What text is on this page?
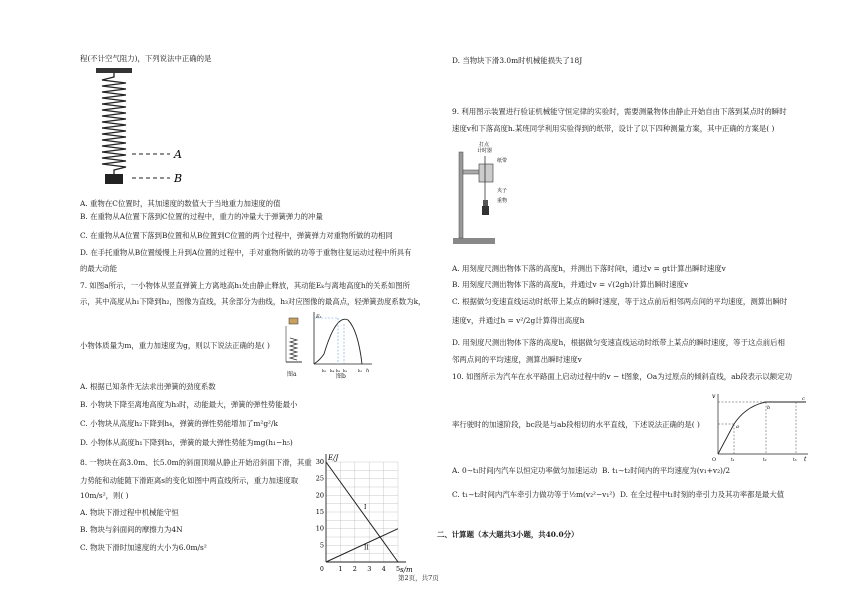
程(不计空气阻力)，下列说法中正确的是
A
B
A. 重物在C位置时，其加速度的数值大于当地重力加速度的值
B. 在重物从A位置下落到C位置的过程中，重力的冲量大于弹簧弹力的冲量
C. 在重物从A位置下落到B位置和从B位置到C位置的两个过程中，弹簧弹力对重物所做的功相同
D. 在手托重物从B位置缓慢上升到A位置的过程中，手对重物所做的功等于重物往复运动过程中所具有
的最大动能
7. 如图a所示，一小物体从竖直弹簧上方离地高h₁处由静止释放，其动能Eₖ与离地高度h的关系如图所
示，其中高度从h₁下降到h₂，图像为直线，其余部分为曲线，h₃对应图像的最高点，轻弹簧劲度系数为k，
小物体质量为m，重力加速度为g，则以下说法正确的是( )
图a
Eₖ
h
h₅ h₄ h₃ h₂	h₁
图b
A. 根据已知条件无法求出弹簧的劲度系数
B. 小物块下降至离地高度为h₃时，动能最大，弹簧的弹性势能最小
C. 小物块从高度h₂下降到h₄，弹簧的弹性势能增加了m²g²/k
D. 小物体从高度h₁下降到h₅，弹簧的最大弹性势能为mg(h₁−h₅)
8. 一物块在高3.0m、长5.0m的斜面顶端从静止开始沿斜面下滑，其重
力势能和动能随下滑距离s的变化如图中两直线所示，重力加速度取
10m/s²，则( )
A. 物块下滑过程中机械能守恒
B. 物块与斜面间的摩擦力为4N
C. 物块下滑时加速度的大小为6.0m/s²
E/J
s/m
0
I
II
1 2 3 4 5
5
10
15
20
25
30
D. 当物块下滑3.0m时机械能损失了18J
9. 利用图示装置进行验证机械能守恒定律的实验时，需要测量物体由静止开始自由下落到某点时的瞬时
速度v和下落高度h.某班同学利用实验得到的纸带，设计了以下四种测量方案，其中正确的方案是( )
打点
计时器
纸带
夹子
重物
A. 用刻度尺测出物体下落的高度h，并测出下落时间t，通过v = gt计算出瞬时速度v
B. 用刻度尺测出物体下落的高度h，并通过v = √(2gh)计算出瞬时速度v
C. 根据做匀变速直线运动时纸带上某点的瞬时速度，等于这点前后相邻两点间的平均速度，测算出瞬时
速度v，并通过h = v²/2g计算得出高度h
D. 用刻度尺测出物体下落的高度h，根据做匀变速直线运动时纸带上某点的瞬时速度，等于这点前后相
邻两点间的平均速度，测算出瞬时速度v
10. 如图所示为汽车在水平路面上启动过程中的v − t图象，Oa为过原点的倾斜直线，ab段表示以额定功
率行驶时的加速阶段，bc段是与ab段相切的水平直线，下述说法正确的是( )
v
t
O
a
b
c
t₁	t₂	t₃
A. 0∼t₁时间内汽车以恒定功率做匀加速运动 B. t₁∼t₂时间内的平均速度为(v₁+v₂)/2
C. t₁∼t₂时间内汽车牵引力做功等于½m(v₂²−v₁²) D. 在全过程中t₁时刻的牵引力及其功率都是最大值
二、计算题（本大题共3小题，共40.0分）
第2页，共7页
